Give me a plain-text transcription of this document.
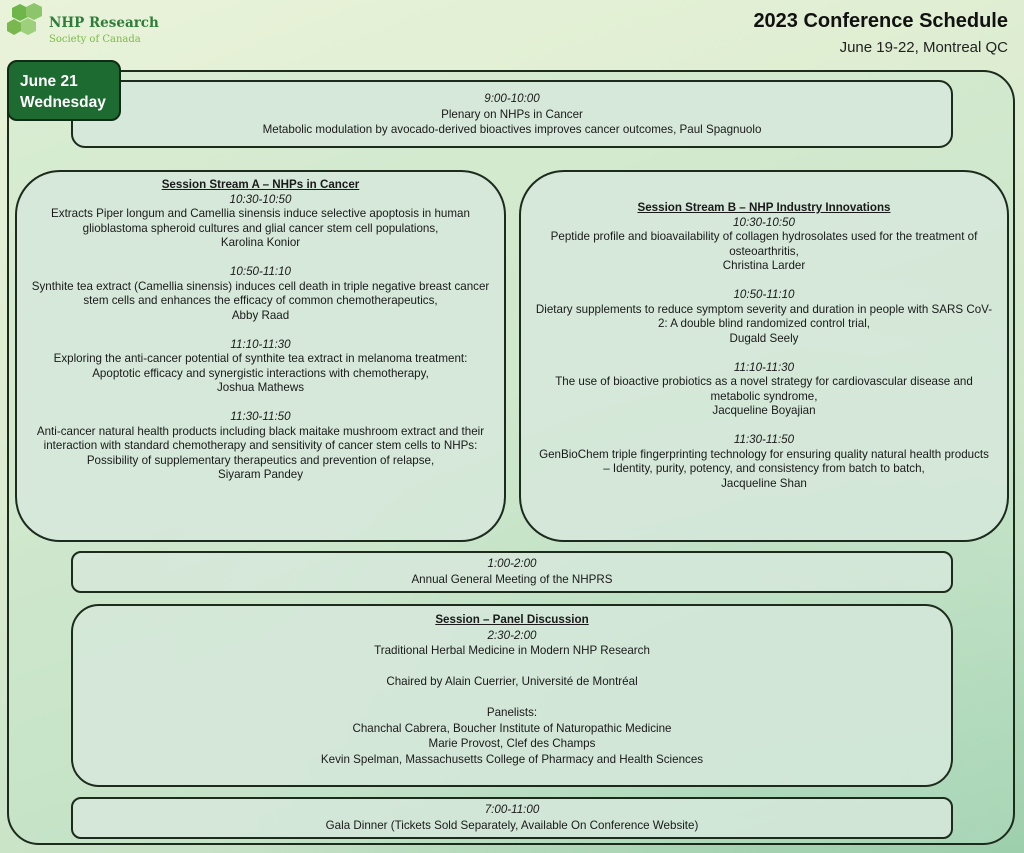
NHP Research
Society of Canada
2023 Conference Schedule
June 19-22, Montreal QC
9:00-10:00
Plenary on NHPs in Cancer
Metabolic modulation by avocado-derived bioactives improves cancer outcomes, Paul Spagnuolo
June 21
Wednesday
Session Stream A – NHPs in Cancer
10:30-10:50
Extracts Piper longum and Camellia sinensis induce selective apoptosis in human glioblastoma spheroid cultures and glial cancer stem cell populations,
Karolina Konior
10:50-11:10
Synthite tea extract (Camellia sinensis) induces cell death in triple negative breast cancer stem cells and enhances the efficacy of common chemotherapeutics,
Abby Raad
11:10-11:30
Exploring the anti-cancer potential of synthite tea extract in melanoma treatment: Apoptotic efficacy and synergistic interactions with chemotherapy,
Joshua Mathews
11:30-11:50
Anti-cancer natural health products including black maitake mushroom extract and their interaction with standard chemotherapy and sensitivity of cancer stem cells to NHPs: Possibility of supplementary therapeutics and prevention of relapse,
Siyaram Pandey
Session Stream B – NHP Industry Innovations
10:30-10:50
Peptide profile and bioavailability of collagen hydrosolates used for the treatment of osteoarthritis,
Christina Larder
10:50-11:10
Dietary supplements to reduce symptom severity and duration in people with SARS CoV-2: A double blind randomized control trial,
Dugald Seely
11:10-11:30
The use of bioactive probiotics as a novel strategy for cardiovascular disease and metabolic syndrome,
Jacqueline Boyajian
11:30-11:50
GenBioChem triple fingerprinting technology for ensuring quality natural health products – Identity, purity, potency, and consistency from batch to batch,
Jacqueline Shan
1:00-2:00
Annual General Meeting of the NHPRS
Session – Panel Discussion
2:30-2:00
Traditional Herbal Medicine in Modern NHP Research
Chaired by Alain Cuerrier, Université de Montréal
Panelists:
Chanchal Cabrera, Boucher Institute of Naturopathic Medicine
Marie Provost, Clef des Champs
Kevin Spelman, Massachusetts College of Pharmacy and Health Sciences
7:00-11:00
Gala Dinner (Tickets Sold Separately, Available On Conference Website)
